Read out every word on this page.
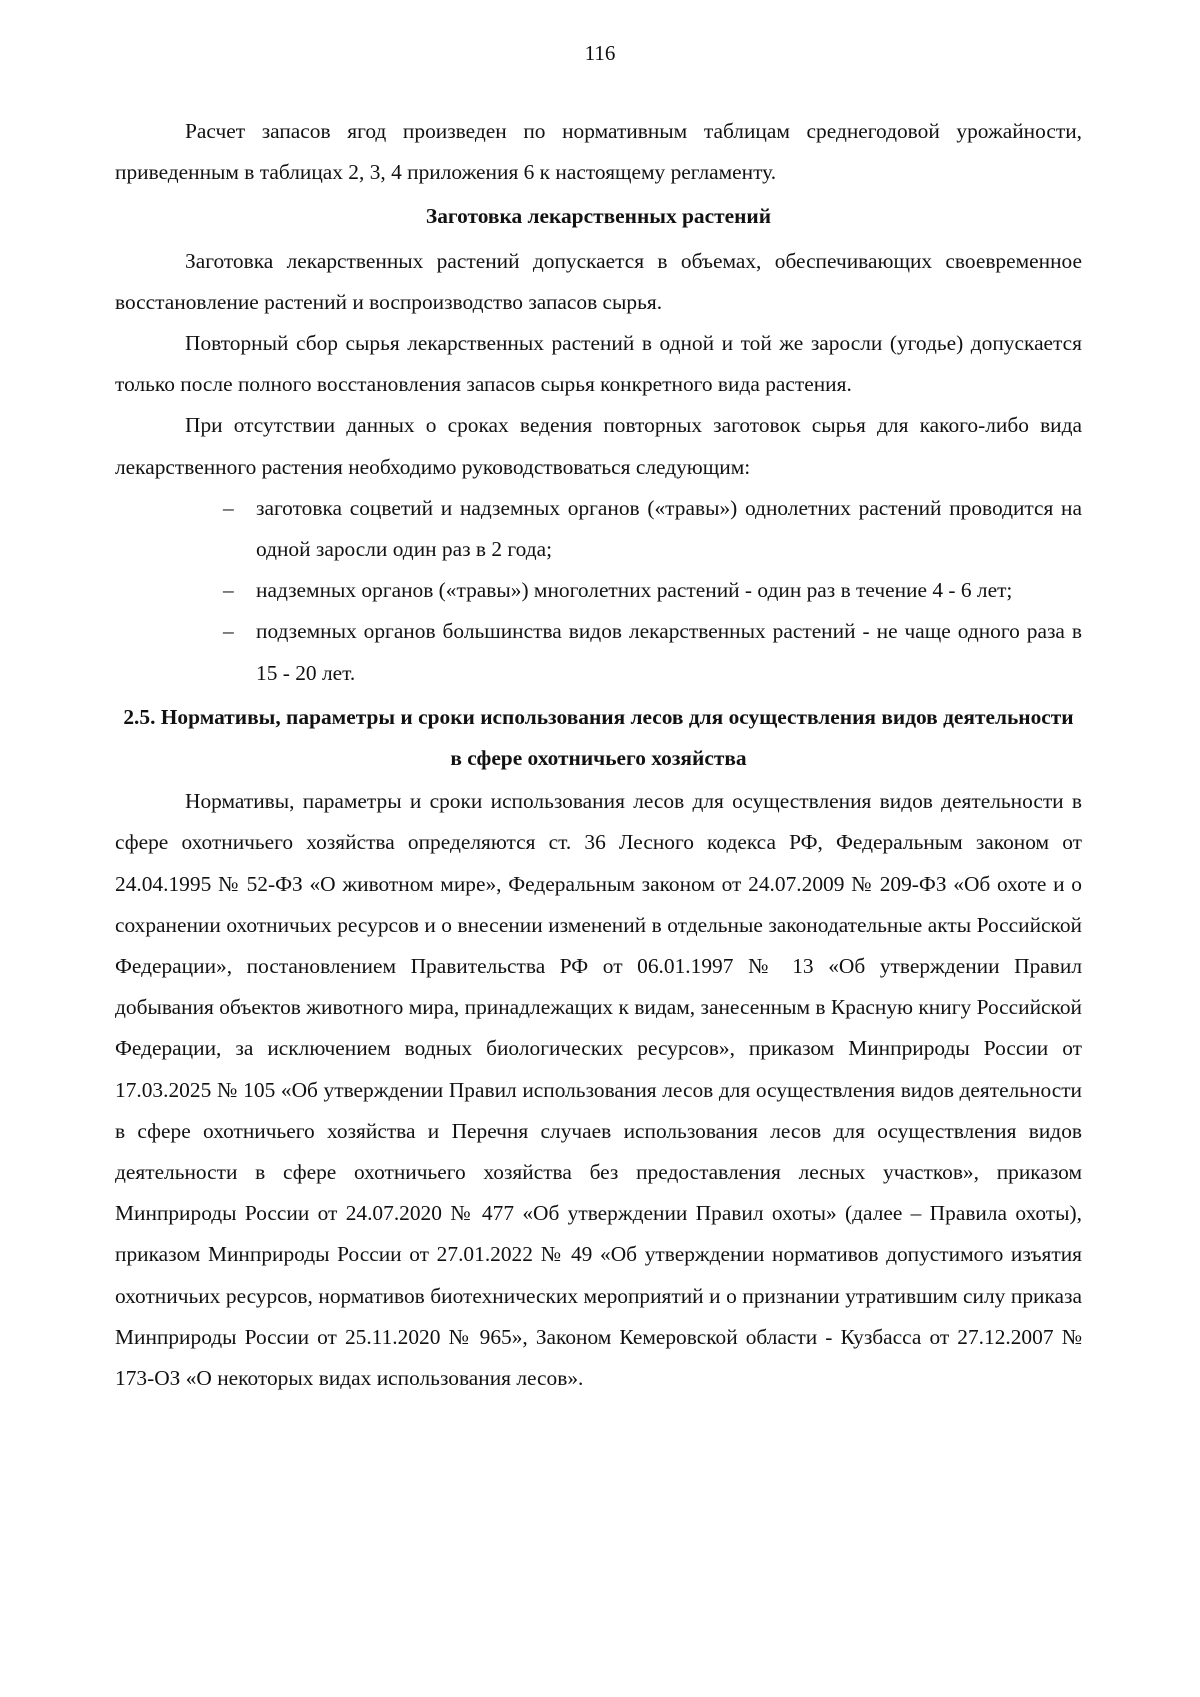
116

Расчет запасов ягод произведен по нормативным таблицам среднегодовой урожайности, приведенным в таблицах 2, 3, 4 приложения 6 к настоящему регламенту.

Заготовка лекарственных растений

Заготовка лекарственных растений допускается в объемах, обеспечивающих своевременное восстановление растений и воспроизводство запасов сырья.

Повторный сбор сырья лекарственных растений в одной и той же заросли (угодье) допускается только после полного восстановления запасов сырья конкретного вида растения.

При отсутствии данных о сроках ведения повторных заготовок сырья для какого-либо вида лекарственного растения необходимо руководствоваться следующим:

– заготовка соцветий и надземных органов («травы») однолетних растений проводится на одной заросли один раз в 2 года;
– надземных органов («травы») многолетних растений - один раз в течение 4 - 6 лет;
– подземных органов большинства видов лекарственных растений - не чаще одного раза в 15 - 20 лет.
2.5. Нормативы, параметры и сроки использования лесов для осуществления видов деятельности в сфере охотничьего хозяйства

Нормативы, параметры и сроки использования лесов для осуществления видов деятельности в сфере охотничьего хозяйства определяются ст. 36 Лесного кодекса РФ, Федеральным законом от 24.04.1995 № 52-ФЗ «О животном мире», Федеральным законом от 24.07.2009 № 209-ФЗ «Об охоте и о сохранении охотничьих ресурсов и о внесении изменений в отдельные законодательные акты Российской Федерации», постановлением Правительства РФ от 06.01.1997 № 13 «Об утверждении Правил добывания объектов животного мира, принадлежащих к видам, занесенным в Красную книгу Российской Федерации, за исключением водных биологических ресурсов», приказом Минприроды России от 17.03.2025 № 105 «Об утверждении Правил использования лесов для осуществления видов деятельности в сфере охотничьего хозяйства и Перечня случаев использования лесов для осуществления видов деятельности в сфере охотничьего хозяйства без предоставления лесных участков», приказом Минприроды России от 24.07.2020 № 477 «Об утверждении Правил охоты» (далее – Правила охоты), приказом Минприроды России от 27.01.2022 № 49 «Об утверждении нормативов допустимого изъятия охотничьих ресурсов, нормативов биотехнических мероприятий и о признании утратившим силу приказа Минприроды России от 25.11.2020 № 965», Законом Кемеровской области - Кузбасса от 27.12.2007 № 173-ОЗ «О некоторых видах использования лесов».
